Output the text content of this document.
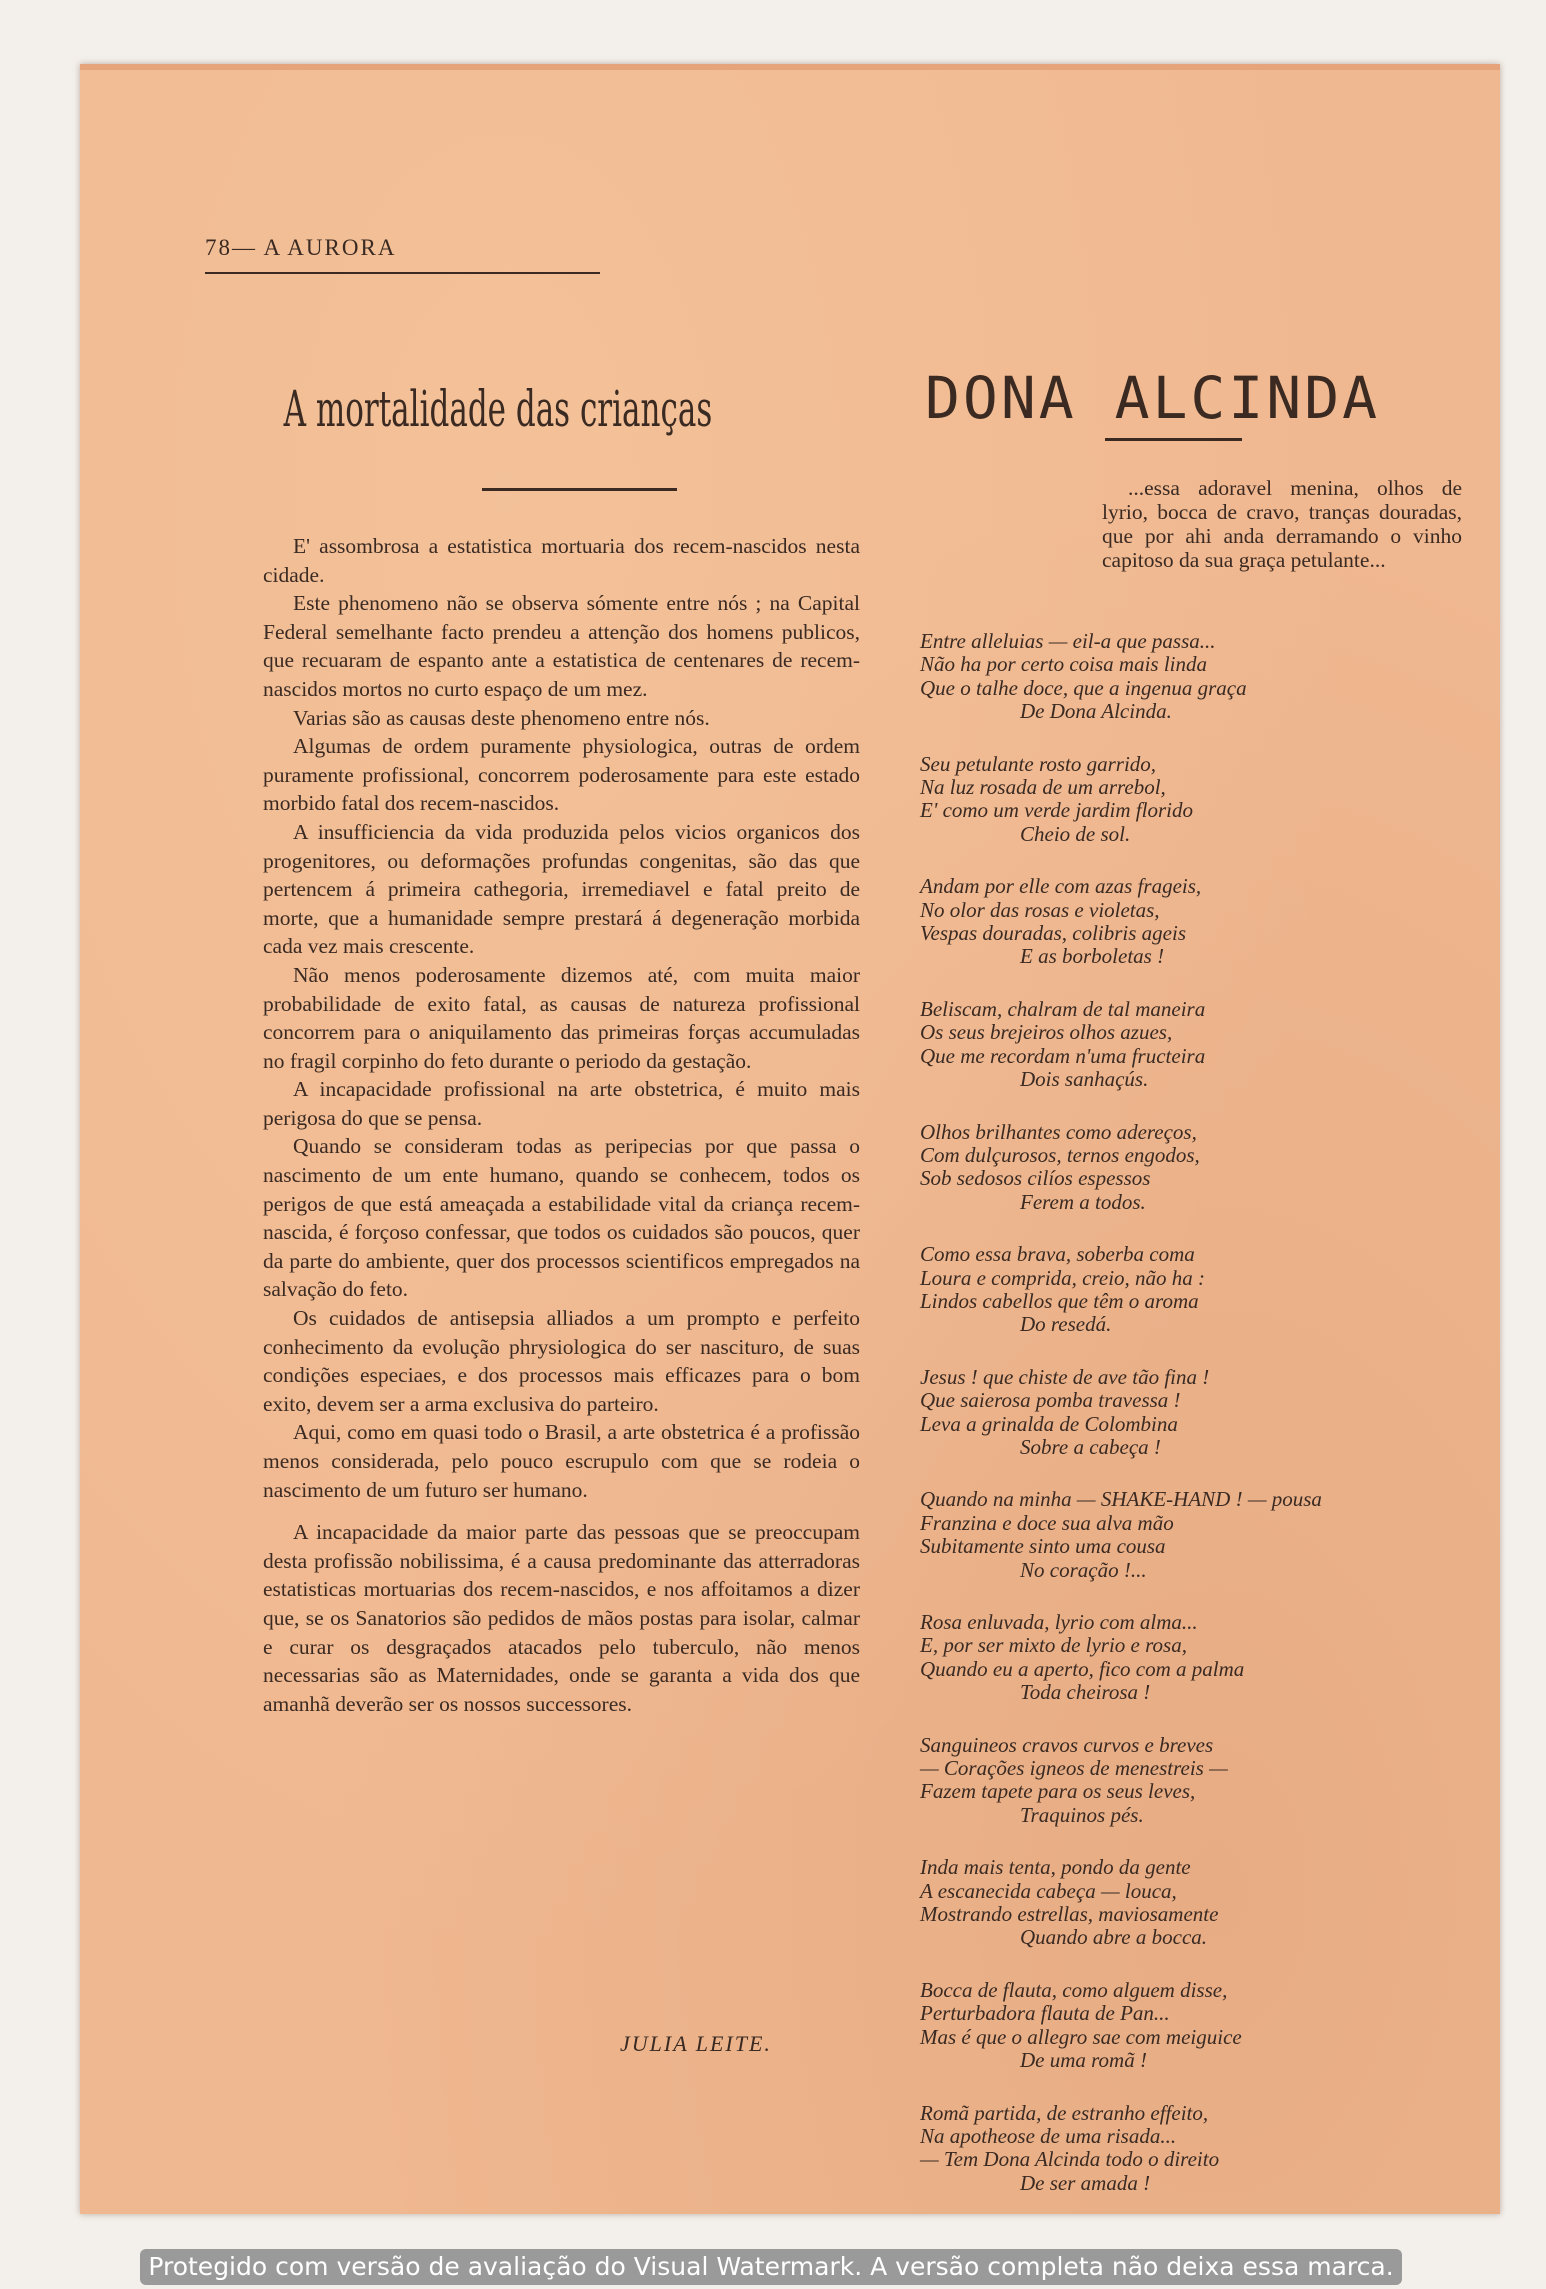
78— A AURORA
A mortalidade das crianças

E' assombrosa a estatistica mortuaria dos recem-nascidos nesta cidade.

Este phenomeno não se observa sómente entre nós ; na Capital Federal semelhante facto prendeu a attenção dos homens publicos, que recuaram de espanto ante a estatistica de centenares de recem-nascidos mortos no curto espaço de um mez.

Varias são as causas deste phenomeno entre nós.

Algumas de ordem puramente physiologica, outras de ordem puramente profissional, concorrem poderosamente para este estado morbido fatal dos recem-nascidos.

A insufficiencia da vida produzida pelos vicios organicos dos progenitores, ou deformações profundas congenitas, são das que pertencem á primeira cathegoria, irremediavel e fatal preito de morte, que a humanidade sempre prestará á degeneração morbida cada vez mais crescente.

Não menos poderosamente dizemos até, com muita maior probabilidade de exito fatal, as causas de natureza profissional concorrem para o aniquilamento das primeiras forças accumuladas no fragil corpinho do feto durante o periodo da gestação.

A incapacidade profissional na arte obstetrica, é muito mais perigosa do que se pensa.

Quando se consideram todas as peripecias por que passa o nascimento de um ente humano, quando se conhecem, todos os perigos de que está ameaçada a estabilidade vital da criança recem-nascida, é forçoso confessar, que todos os cuidados são poucos, quer da parte do ambiente, quer dos processos scientificos empregados na salvação do feto.

Os cuidados de antisepsia alliados a um prompto e perfeito conhecimento da evolução phrysiologica do ser nascituro, de suas condições especiaes, e dos processos mais efficazes para o bom exito, devem ser a arma exclusiva do parteiro.

Aqui, como em quasi todo o Brasil, a arte obstetrica é a profissão menos considerada, pelo pouco escrupulo com que se rodeia o nascimento de um futuro ser humano.

A incapacidade da maior parte das pessoas que se preoccupam desta profissão nobilissima, é a causa predominante das atterradoras estatisticas mortuarias dos recem-nascidos, e nos affoitamos a dizer que, se os Sanatorios são pedidos de mãos postas para isolar, calmar e curar os desgraçados atacados pelo tuberculo, não menos necessarias são as Maternidades, onde se garanta a vida dos que amanhã deverão ser os nossos successores.

JULIA LEITE.
DONA ALCINDA

...essa adoravel menina, olhos de lyrio, bocca de cravo, tranças douradas, que por ahi anda derramando o vinho capitoso da sua graça petulante...

Entre alleluias — eil-a que passa...
Não ha por certo coisa mais linda
Que o talhe doce, que a ingenua graça
De Dona Alcinda.
Seu petulante rosto garrido,
Na luz rosada de um arrebol,
E' como um verde jardim florido
Cheio de sol.
Andam por elle com azas frageis,
No olor das rosas e violetas,
Vespas douradas, colibris ageis
E as borboletas !
Beliscam, chalram de tal maneira
Os seus brejeiros olhos azues,
Que me recordam n'uma fructeira
Dois sanhaçús.
Olhos brilhantes como adereços,
Com dulçurosos, ternos engodos,
Sob sedosos cilíos espessos
Ferem a todos.
Como essa brava, soberba coma
Loura e comprida, creio, não ha :
Lindos cabellos que têm o aroma
Do resedá.
Jesus ! que chiste de ave tão fina !
Que saierosa pomba travessa !
Leva a grinalda de Colombina
Sobre a cabeça !
Quando na minha — SHAKE-HAND ! — pousa
Franzina e doce sua alva mão
Subitamente sinto uma cousa
No coração !...
Rosa enluvada, lyrio com alma...
E, por ser mixto de lyrio e rosa,
Quando eu a aperto, fico com a palma
Toda cheirosa !
Sanguineos cravos curvos e breves
— Corações igneos de menestreis —
Fazem tapete para os seus leves,
Traquinos pés.
Inda mais tenta, pondo da gente
A escanecida cabeça — louca,
Mostrando estrellas, maviosamente
Quando abre a bocca.
Bocca de flauta, como alguem disse,
Perturbadora flauta de Pan...
Mas é que o allegro sae com meiguice
De uma romã !
Romã partida, de estranho effeito,
Na apotheose de uma risada...
— Tem Dona Alcinda todo o direito
De ser amada !
Protegido com versão de avaliação do Visual Watermark. A versão completa não deixa essa marca.
